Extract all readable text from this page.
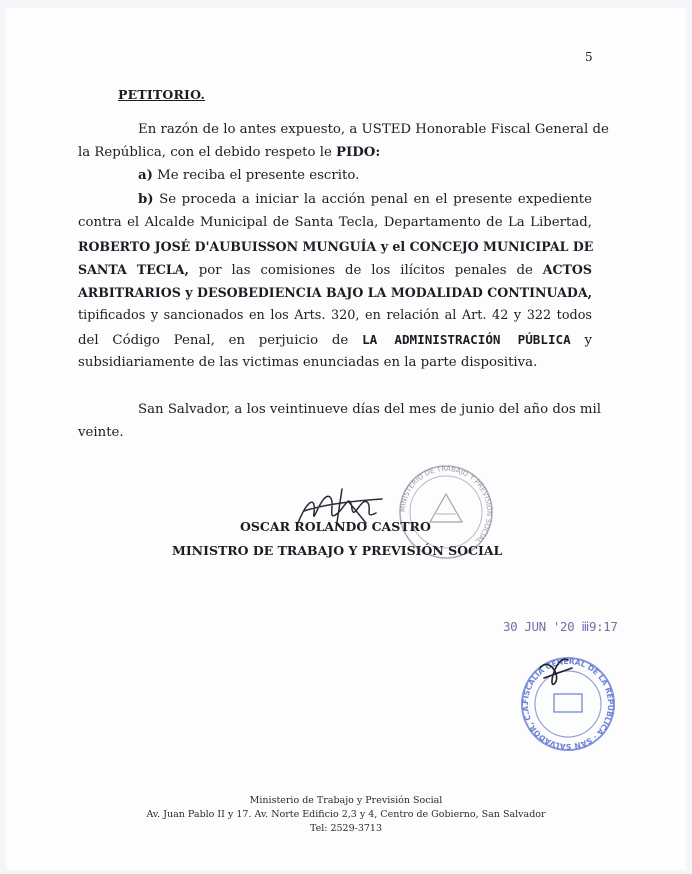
5
PETITORIO.
En razón de lo antes expuesto, a USTED Honorable Fiscal General de
la República, con el debido respeto le PIDO:
a) Me reciba el presente escrito.
b) Se proceda a iniciar la acción penal en el presente expediente
contra el Alcalde Municipal de Santa Tecla, Departamento de La Libertad,
ROBERTO JOSÉ D'AUBUISSON MUNGUÍA y el CONCEJO MUNICIPAL DE
SANTA TECLA, por las comisiones de los ilícitos penales de ACTOS
ARBITRARIOS y DESOBEDIENCIA BAJO LA MODALIDAD CONTINUADA,
tipificados y sancionados en los Arts. 320, en relación al Art. 42 y 322 todos
del Código Penal, en perjuicio de LA ADMINISTRACIÓN PÚBLICA y
subsidiariamente de las victimas enunciadas en la parte dispositiva.
San Salvador, a los veintinueve días del mes de junio del año dos mil
veinte.
MINISTERIO DE TRABAJO Y PREVISIÓN SOCIAL
OSCAR ROLANDO CASTRO
MINISTRO DE TRABAJO Y PREVISIÓN SOCIAL
30 JUN '20 ⅲ9:17
FISCALÍA GENERAL DE LA REPÚBLICA · SAN SALVADOR, C.A.
Ministerio de Trabajo y Previsión Social
Av. Juan Pablo II y 17. Av. Norte Edificio 2,3 y 4, Centro de Gobierno, San Salvador
Tel: 2529-3713
